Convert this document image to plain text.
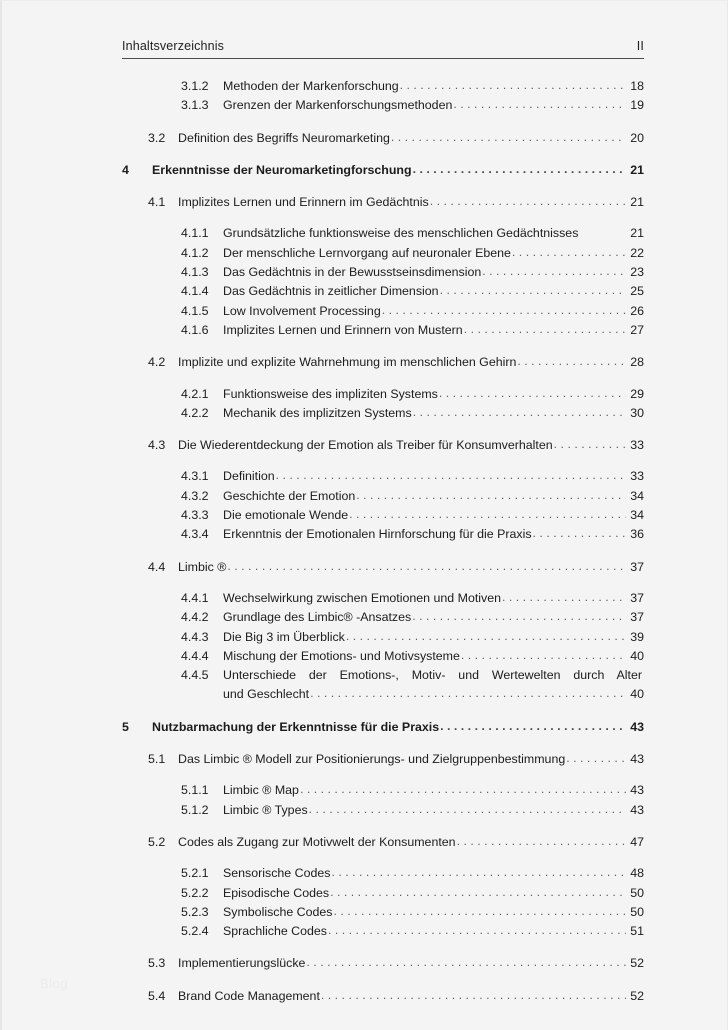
Inhaltsverzeichnis	II
3.1.2	Methoden der Markenforschung . . .	18
3.1.3	Grenzen der Markenforschungsmethoden . . .	19
3.2	Definition des Begriffs Neuromarketing . . .	20
4	Erkenntnisse der Neuromarketingforschung . . .	21
4.1	Implizites Lernen und Erinnern im Gedächtnis . . .	21
4.1.1	Grundsätzliche funktionsweise des menschlichen Gedächtnisses	21
4.1.2	Der menschliche Lernvorgang auf neuronaler Ebene . . .	22
4.1.3	Das Gedächtnis in der Bewusstseinsdimension . . .	23
4.1.4	Das Gedächtnis in zeitlicher Dimension . . .	25
4.1.5	Low Involvement Processing . . .	26
4.1.6	Implizites Lernen und Erinnern von Mustern . . .	27
4.2	Implizite und explizite Wahrnehmung im menschlichen Gehirn . . .	28
4.2.1	Funktionsweise des impliziten Systems . . .	29
4.2.2	Mechanik des implizitzen Systems . . .	30
4.3	Die Wiederentdeckung der Emotion als Treiber für Konsumverhalten . . .	33
4.3.1	Definition . . .	33
4.3.2	Geschichte der Emotion . . .	34
4.3.3	Die emotionale Wende . . .	34
4.3.4	Erkenntnis der Emotionalen Hirnforschung für die Praxis . . .	36
4.4	Limbic ® . . .	37
4.4.1	Wechselwirkung zwischen Emotionen und Motiven . . .	37
4.4.2	Grundlage des Limbic® -Ansatzes . . .	37
4.4.3	Die Big 3 im Überblick . . .	39
4.4.4	Mischung der Emotions- und Motivsysteme . . .	40
4.4.5	Unterschiede der Emotions-, Motiv- und Wertewelten durch Alter
und Geschlecht . . .	40
5	Nutzbarmachung der Erkenntnisse für die Praxis . . .	43
5.1	Das Limbic ® Modell zur Positionierungs- und Zielgruppenbestimmung . . .	43
5.1.1	Limbic ® Map . . .	43
5.1.2	Limbic ® Types . . .	43
5.2	Codes als Zugang zur Motivwelt der Konsumenten . . .	47
5.2.1	Sensorische Codes . . .	48
5.2.2	Episodische Codes . . .	50
5.2.3	Symbolische Codes . . .	50
5.2.4	Sprachliche Codes . . .	51
5.3	Implementierungslücke . . .	52
5.4	Brand Code Management . . .	52
Blog
